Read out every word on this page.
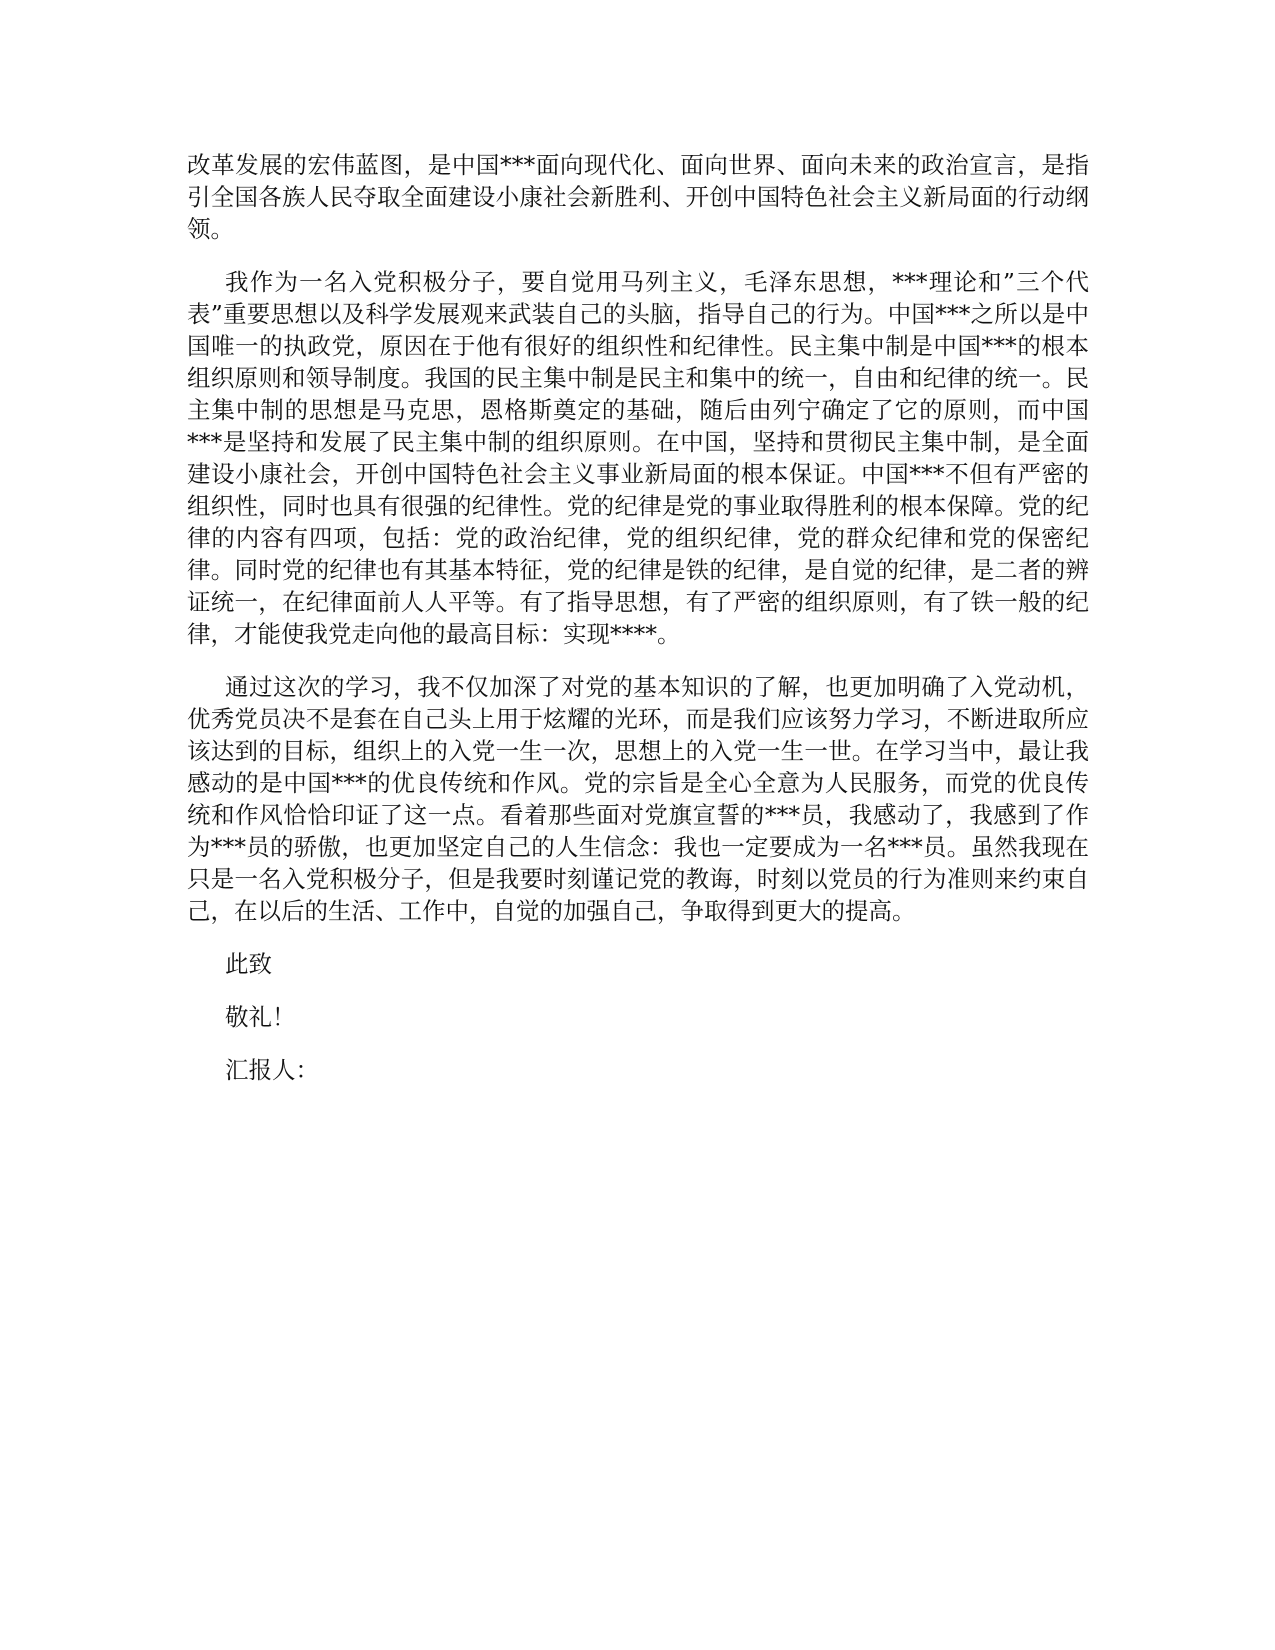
改革发展的宏伟蓝图，是中国***面向现代化、面向世界、面向未来的政治宣言，是指引全国各族人民夺取全面建设小康社会新胜利、开创中国特色社会主义新局面的行动纲领。

我作为一名入党积极分子，要自觉用马列主义，毛泽东思想，***理论和”三个代表”重要思想以及科学发展观来武装自己的头脑，指导自己的行为。中国***之所以是中国唯一的执政党，原因在于他有很好的组织性和纪律性。民主集中制是中国***的根本组织原则和领导制度。我国的民主集中制是民主和集中的统一，自由和纪律的统一。民主集中制的思想是马克思，恩格斯奠定的基础，随后由列宁确定了它的原则，而中国***是坚持和发展了民主集中制的组织原则。在中国，坚持和贯彻民主集中制，是全面建设小康社会，开创中国特色社会主义事业新局面的根本保证。中国***不但有严密的组织性，同时也具有很强的纪律性。党的纪律是党的事业取得胜利的根本保障。党的纪律的内容有四项，包括：党的政治纪律，党的组织纪律，党的群众纪律和党的保密纪律。同时党的纪律也有其基本特征，党的纪律是铁的纪律，是自觉的纪律，是二者的辨证统一，在纪律面前人人平等。有了指导思想，有了严密的组织原则，有了铁一般的纪律，才能使我党走向他的最高目标：实现****。

通过这次的学习，我不仅加深了对党的基本知识的了解，也更加明确了入党动机，优秀党员决不是套在自己头上用于炫耀的光环，而是我们应该努力学习，不断进取所应该达到的目标，组织上的入党一生一次，思想上的入党一生一世。在学习当中，最让我感动的是中国***的优良传统和作风。党的宗旨是全心全意为人民服务，而党的优良传统和作风恰恰印证了这一点。看着那些面对党旗宣誓的***员，我感动了，我感到了作为***员的骄傲，也更加坚定自己的人生信念：我也一定要成为一名***员。虽然我现在只是一名入党积极分子，但是我要时刻谨记党的教诲，时刻以党员的行为准则来约束自己，在以后的生活、工作中，自觉的加强自己，争取得到更大的提高。

此致

敬礼！

汇报人：
